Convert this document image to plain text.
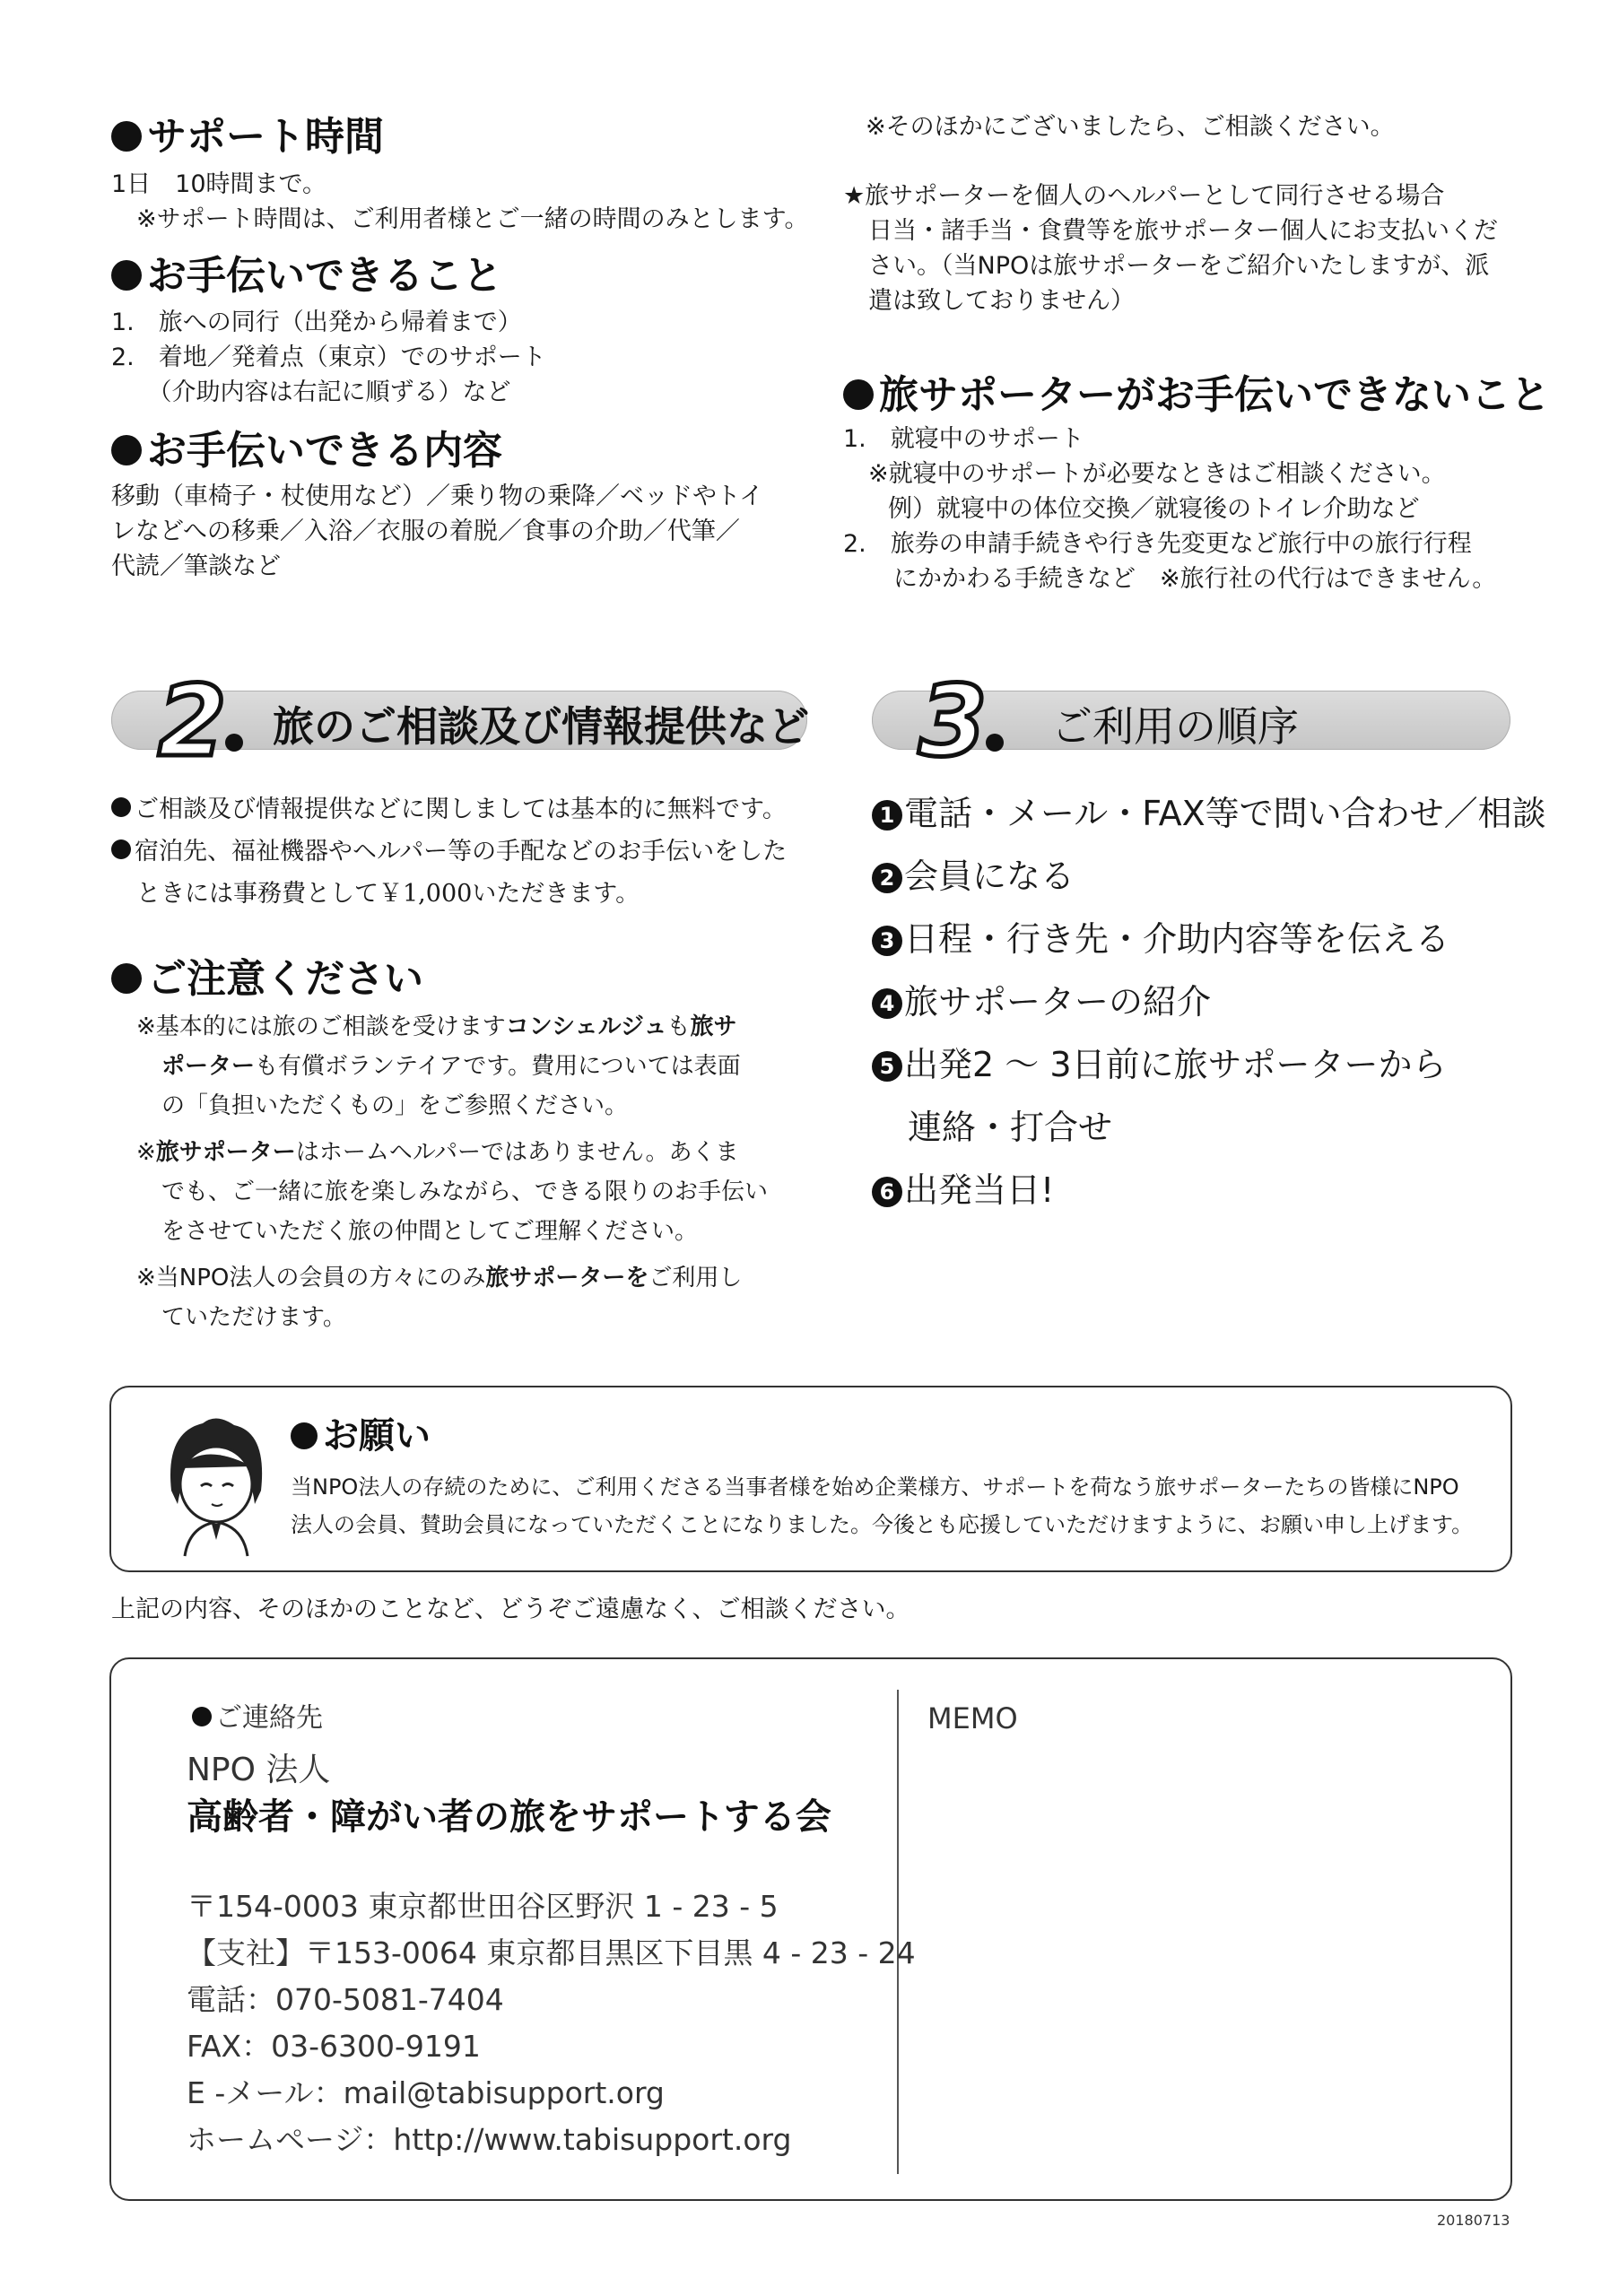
サポート時間
1日　10時間まで。
※サポート時間は、ご利用者様とご一緒の時間のみとします。
お手伝いできること
1.　旅への同行（出発から帰着まで）
2.　着地／発着点（東京）でのサポート
　　（介助内容は右記に順ずる）など
お手伝いできる内容
移動（車椅子・杖使用など）／乗り物の乗降／ベッドやトイ
レなどへの移乗／入浴／衣服の着脱／食事の介助／代筆／
代読／筆談など
※そのほかにございましたら、ご相談ください。
★旅サポーターを個人のヘルパーとして同行させる場合
日当・諸手当・食費等を旅サポーター個人にお支払いくだ
さい。（当NPOは旅サポーターをご紹介いたしますが、派
遣は致しておりません）
旅サポーターがお手伝いできないこと
1.　就寝中のサポート
※就寝中のサポートが必要なときはご相談ください。
例）就寝中の体位交換／就寝後のトイレ介助など
2.　旅券の申請手続きや行き先変更など旅行中の旅行行程
にかかわる手続きなど　※旅行社の代行はできません。
2	旅のご相談及び情報提供など
ご相談及び情報提供などに関しましては基本的に無料です。
宿泊先、福祉機器やヘルパー等の手配などのお手伝いをした
ときには事務費として￥1,000いただきます。
ご注意ください
※基本的には旅のご相談を受けますコンシェルジュも旅サ
ポーターも有償ボランテイアです。費用については表面
の「負担いただくもの」をご参照ください。
※旅サポーターはホームヘルパーではありません。あくま
でも、ご一緒に旅を楽しみながら、できる限りのお手伝い
をさせていただく旅の仲間としてご理解ください。
※当NPO法人の会員の方々にのみ旅サポーターをご利用し
ていただけます。
3	ご利用の順序
1 電話・メール・FAX等で問い合わせ／相談
2 会員になる
3 日程・行き先・介助内容等を伝える
4 旅サポーターの紹介
5 出発2 ～ 3日前に旅サポーターから
連絡・打合せ
6 出発当日!
お願い
当NPO法人の存続のために、ご利用くださる当事者様を始め企業様方、サポートを荷なう旅サポーターたちの皆様にNPO
法人の会員、賛助会員になっていただくことになりました。今後とも応援していただけますように、お願い申し上げます。
上記の内容、そのほかのことなど、どうぞご遠慮なく、ご相談ください。
ご連絡先
NPO 法人
高齢者・障がい者の旅をサポートする会
〒154-0003 東京都世田谷区野沢 1 - 23 - 5
【支社】〒153-0064 東京都目黒区下目黒 4 - 23 - 24
電話：070-5081-7404
FAX：03-6300-9191
E -メール：mail@tabisupport.org
ホームページ：http://www.tabisupport.org
MEMO
20180713
